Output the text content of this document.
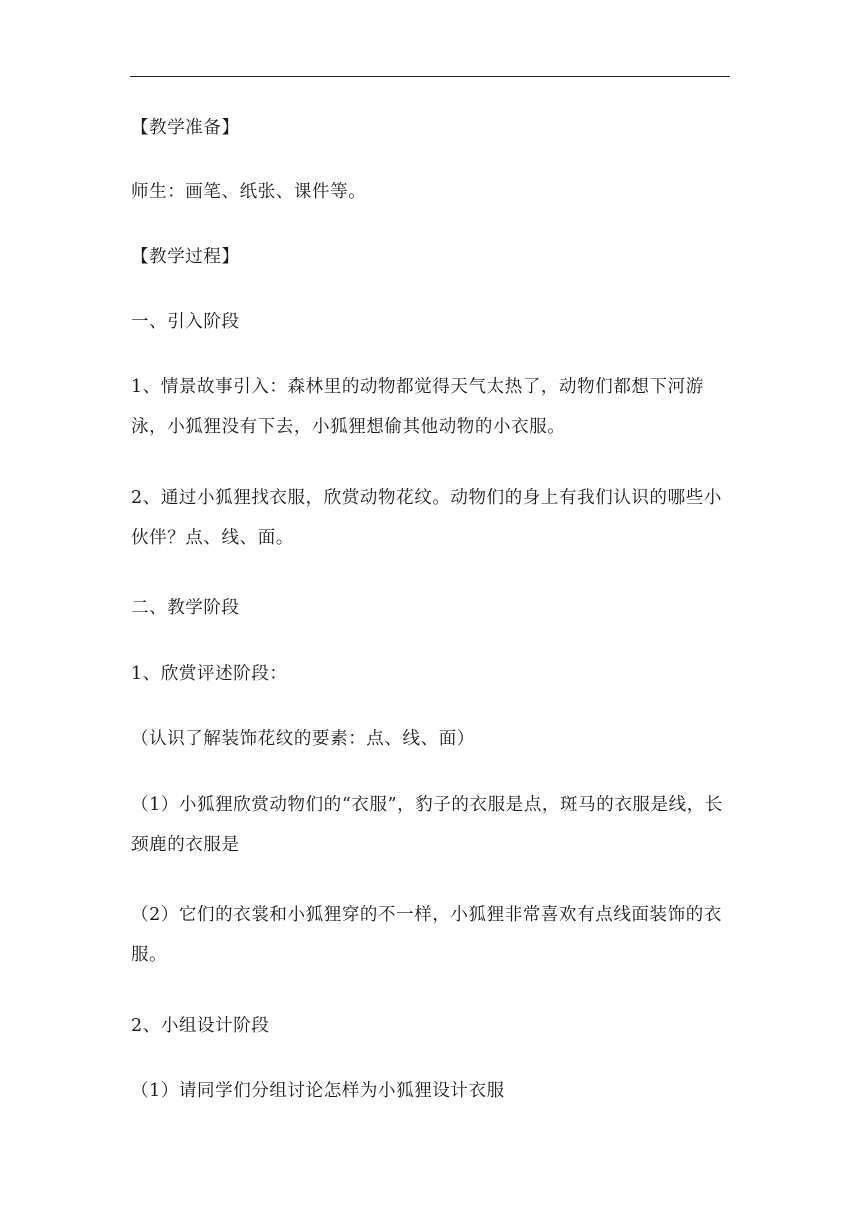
【教学准备】

师生：画笔、纸张、课件等。

【教学过程】

一、引入阶段

1、情景故事引入：森林里的动物都觉得天气太热了，动物们都想下河游泳，小狐狸没有下去，小狐狸想偷其他动物的小衣服。

2、通过小狐狸找衣服，欣赏动物花纹。动物们的身上有我们认识的哪些小伙伴？点、线、面。

二、教学阶段

1、欣赏评述阶段：

（认识了解装饰花纹的要素：点、线、面）

（1）小狐狸欣赏动物们的“衣服”，豹子的衣服是点，斑马的衣服是线，长颈鹿的衣服是

（2）它们的衣裳和小狐狸穿的不一样，小狐狸非常喜欢有点线面装饰的衣服。

2、小组设计阶段

（1）请同学们分组讨论怎样为小狐狸设计衣服
